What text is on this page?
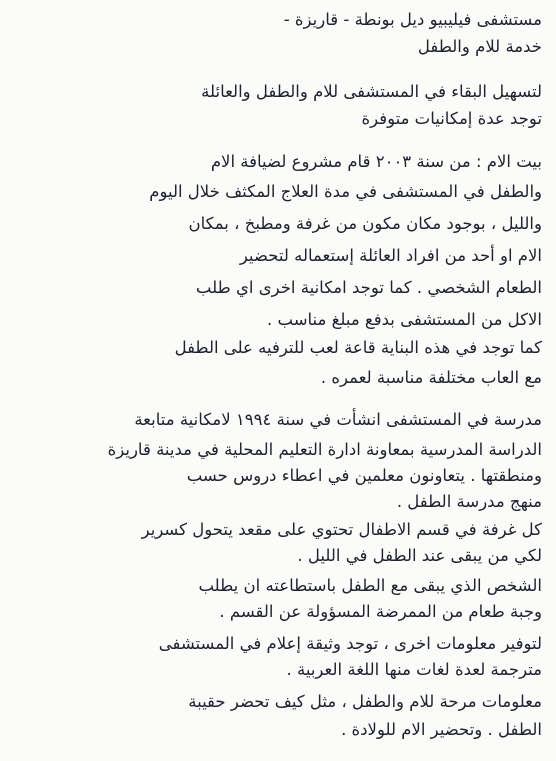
مستشفى فيليبيو ديل بونطة - قاريزة -
خدمة للام والطفل
لتسهيل البقاء في المستشفى للام والطفل والعائلة
توجد عدة إمكانيات متوفرة
بيت الام : من سنة ٢٠٠٣ قام مشروع لضيافة الام
والطفل في المستشفى في مدة العلاج المكثف خلال اليوم
والليل ، بوجود مكان مكون من غرفة ومطبخ ، بمكان
الام او أحد من افراد العائلة إستعماله لتحضير
الطعام الشخصي . كما توجد امكانية اخرى اي طلب
الاكل من المستشفى بدفع مبلغ مناسب .
كما توجد في هذه البناية قاعة لعب للترفيه على الطفل
مع العاب مختلفة مناسبة لعمره .
مدرسة في المستشفى انشأت في سنة ١٩٩٤ لامكانية متابعة
الدراسة المدرسية بمعاونة ادارة التعليم المحلية في مدينة قاريزة
ومنطقتها . يتعاونون معلمين في اعطاء دروس حسب
منهج مدرسة الطفل .
كل غرفة في قسم الاطفال تحتوي على مقعد يتحول كسرير
لكي من يبقى عند الطفل في الليل .
الشخص الذي يبقى مع الطفل باستطاعته ان يطلب
وجبة طعام من الممرضة المسؤولة عن القسم .
لتوفير معلومات اخرى ، توجد وثيقة إعلام في المستشفى
مترجمة لعدة لغات منها اللغة العربية .
معلومات مرحة للام والطفل ، مثل كيف تحضر حقيبة
الطفل . وتحضير الام للولادة .
